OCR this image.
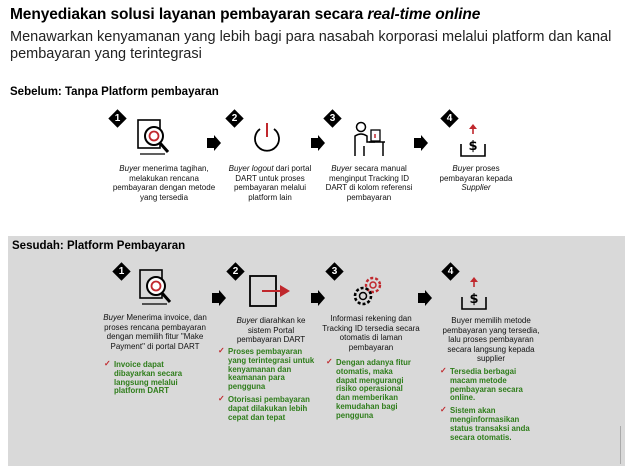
Menyediakan solusi layanan pembayaran secara real-time online
Menawarkan kenyamanan yang lebih bagi para nasabah korporasi melalui platform dan kanal pembayaran yang terintegrasi
Sebelum: Tanpa Platform pembayaran
1
Buyer menerima tagihan, melakukan rencana pembayaran dengan metode yang tersedia
2
Buyer logout dari portal DART untuk proses pembayaran melalui platform lain
3
Buyer secara manual menginput Tracking ID DART di kolom referensi pembayaran
4
$
Buyer proses pembayaran kepada Supplier
Sesudah: Platform Pembayaran
1
Buyer Menerima invoice, dan proses rencana pembayaran dengan memilih fitur "Make Payment" di portal DART
✓ Invoice dapat dibayarkan secara langsung melalui platform DART
2
Buyer diarahkan ke sistem Portal pembayaran DART
✓ Proses pembayaran yang terintegrasi untuk kenyamanan dan keamanan para pengguna
✓ Otorisasi pembayaran dapat dilakukan lebih cepat dan tepat
3
Informasi rekening dan Tracking ID tersedia secara otomatis di laman pembayaran
✓ Dengan adanya fitur otomatis, maka dapat mengurangi risiko operasional dan memberikan kemudahan bagi pengguna
4
$
Buyer memilih metode pembayaran yang tersedia, lalu proses pembayaran secara langsung kepada supplier
✓ Tersedia berbagai macam metode pembayaran secara online.
✓ Sistem akan menginformasikan status transaksi anda secara otomatis.
